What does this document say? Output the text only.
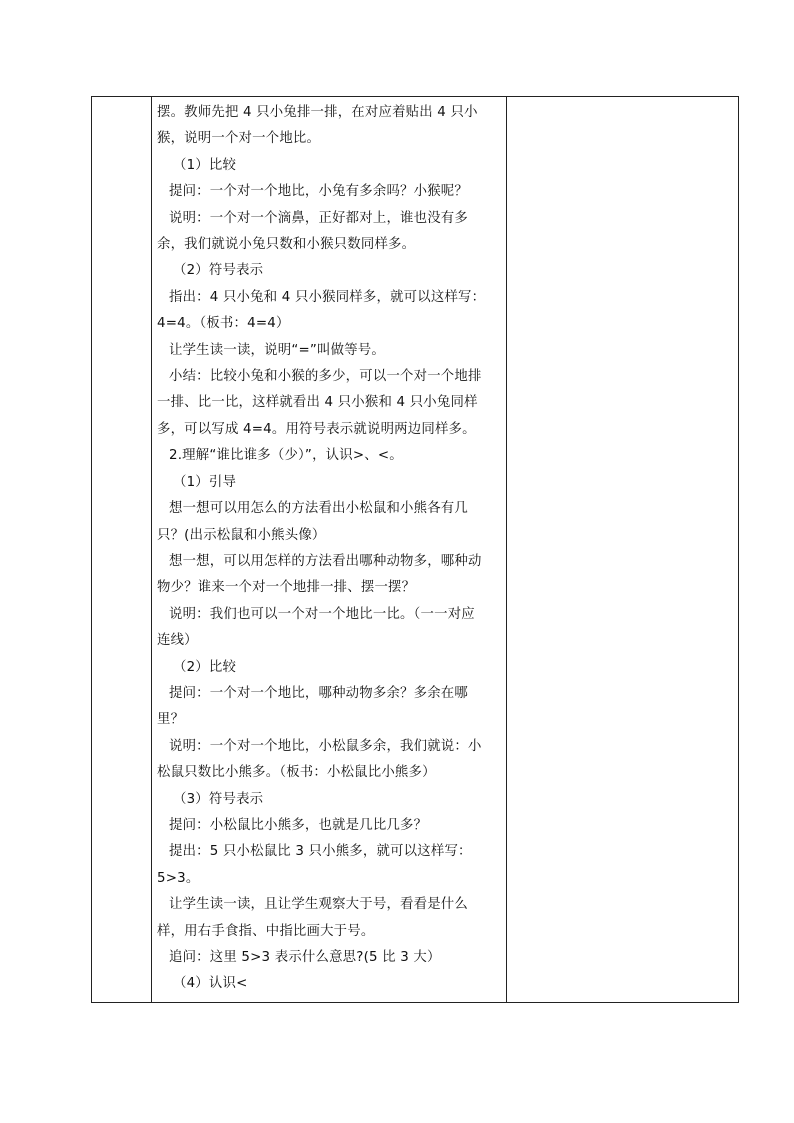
摆。教师先把 4 只小兔排一排，在对应着贴出 4 只小

猴，说明一个对一个地比。

（1）比较

提问：一个对一个地比，小兔有多余吗？小猴呢？

说明：一个对一个滴鼻，正好都对上，谁也没有多

余，我们就说小兔只数和小猴只数同样多。

（2）符号表示

指出：4 只小兔和 4 只小猴同样多，就可以这样写：

4=4。（板书：4=4）

让学生读一读，说明“=”叫做等号。

小结：比较小兔和小猴的多少，可以一个对一个地排

一排、比一比，这样就看出 4 只小猴和 4 只小兔同样

多，可以写成 4=4。用符号表示就说明两边同样多。

2.理解“谁比谁多（少）”，认识>、<。

（1）引导

想一想可以用怎么的方法看出小松鼠和小熊各有几

只？(出示松鼠和小熊头像）

想一想，可以用怎样的方法看出哪种动物多，哪种动

物少？谁来一个对一个地排一排、摆一摆？

说明：我们也可以一个对一个地比一比。（一一对应

连线）

（2）比较

提问：一个对一个地比，哪种动物多余？多余在哪

里？

说明：一个对一个地比，小松鼠多余，我们就说：小

松鼠只数比小熊多。（板书：小松鼠比小熊多）

（3）符号表示

提问：小松鼠比小熊多，也就是几比几多？

提出：5 只小松鼠比 3 只小熊多，就可以这样写：

5>3。

让学生读一读，且让学生观察大于号，看看是什么

样，用右手食指、中指比画大于号。

追问：这里 5>3 表示什么意思?(5 比 3 大）

（4）认识<
